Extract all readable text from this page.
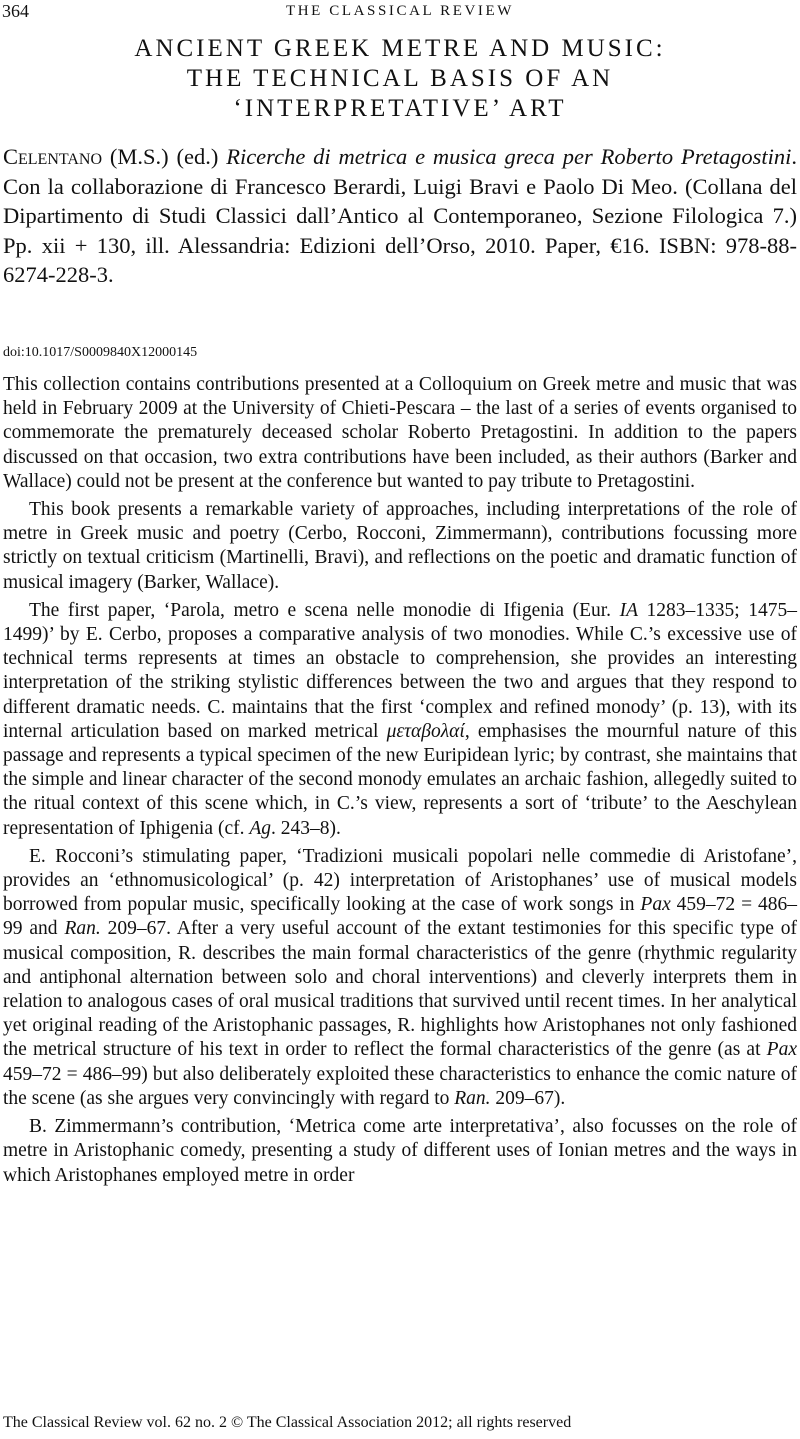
364	THE CLASSICAL REVIEW
ANCIENT GREEK METRE AND MUSIC:
THE TECHNICAL BASIS OF AN
‘INTERPRETATIVE’ ART
Celentano (M.S.) (ed.) Ricerche di metrica e musica greca per Roberto Pretagostini. Con la collaborazione di Francesco Berardi, Luigi Bravi e Paolo Di Meo. (Collana del Dipartimento di Studi Classici dall’Antico al Contemporaneo, Sezione Filologica 7.) Pp. xii + 130, ill. Alessandria: Edizioni dell’Orso, 2010. Paper, €16. ISBN: 978-88-6274-228-3.
doi:10.1017/S0009840X12000145

This collection contains contributions presented at a Colloquium on Greek metre and music that was held in February 2009 at the University of Chieti-Pescara – the last of a series of events organised to commemorate the prematurely deceased scholar Roberto Pretagostini. In addition to the papers discussed on that occasion, two extra contributions have been included, as their authors (Barker and Wallace) could not be present at the conference but wanted to pay tribute to Pretagostini.

This book presents a remarkable variety of approaches, including interpretations of the role of metre in Greek music and poetry (Cerbo, Rocconi, Zimmermann), contributions focussing more strictly on textual criticism (Martinelli, Bravi), and reflections on the poetic and dramatic function of musical imagery (Barker, Wallace).

The first paper, ‘Parola, metro e scena nelle monodie di Ifigenia (Eur. IA 1283–1335; 1475–1499)’ by E. Cerbo, proposes a comparative analysis of two monodies. While C.’s excessive use of technical terms represents at times an obstacle to comprehension, she provides an interesting interpretation of the striking stylistic differences between the two and argues that they respond to different dramatic needs. C. maintains that the first ‘complex and refined monody’ (p. 13), with its internal articulation based on marked metrical μεταβολαί, emphasises the mournful nature of this passage and represents a typical specimen of the new Euripidean lyric; by contrast, she maintains that the simple and linear character of the second monody emulates an archaic fashion, allegedly suited to the ritual context of this scene which, in C.’s view, represents a sort of ‘tribute’ to the Aeschylean representation of Iphigenia (cf. Ag. 243–8).

E. Rocconi’s stimulating paper, ‘Tradizioni musicali popolari nelle commedie di Aristofane’, provides an ‘ethnomusicological’ (p. 42) interpretation of Aristophanes’ use of musical models borrowed from popular music, specifically looking at the case of work songs in Pax 459–72 = 486–99 and Ran. 209–67. After a very useful account of the extant testimonies for this specific type of musical composition, R. describes the main formal characteristics of the genre (rhythmic regularity and antiphonal alternation between solo and choral interventions) and cleverly interprets them in relation to analogous cases of oral musical traditions that survived until recent times. In her analytical yet original reading of the Aristophanic passages, R. highlights how Aristophanes not only fashioned the metrical structure of his text in order to reflect the formal characteristics of the genre (as at Pax 459–72 = 486–99) but also deliberately exploited these characteristics to enhance the comic nature of the scene (as she argues very convincingly with regard to Ran. 209–67).

B. Zimmermann’s contribution, ‘Metrica come arte interpretativa’, also focusses on the role of metre in Aristophanic comedy, presenting a study of different uses of Ionian metres and the ways in which Aristophanes employed metre in order

The Classical Review vol. 62 no. 2 © The Classical Association 2012; all rights reserved
